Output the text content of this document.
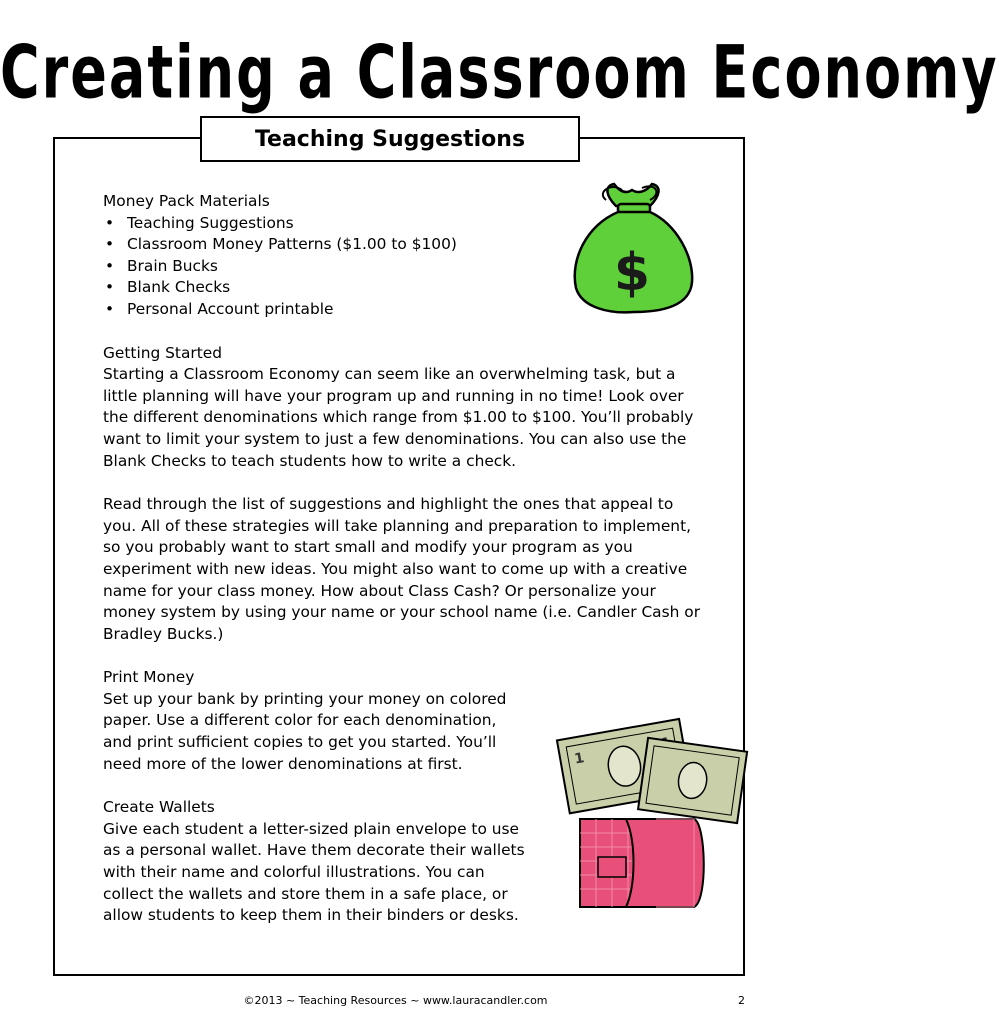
Creating a Classroom Economy
Teaching Suggestions
$

Money Pack Materials

• Teaching Suggestions
• Classroom Money Patterns ($1.00 to $100)
• Brain Bucks
• Blank Checks
• Personal Account printable

Getting Started

Starting a Classroom Economy can seem like an overwhelming task, but a little planning will have your program up and running in no time! Look over the different denominations which range from $1.00 to $100. You’ll probably want to limit your system to just a few denominations. You can also use the Blank Checks to teach students how to write a check.

Read through the list of suggestions and highlight the ones that appeal to you. All of these strategies will take planning and preparation to implement, so you probably want to start small and modify your program as you experiment with new ideas. You might also want to come up with a creative name for your class money. How about Class Cash? Or personalize your money system by using your name or your school name (i.e. Candler Cash or Bradley Bucks.)

Print Money

Set up your bank by printing your money on colored paper. Use a different color for each denomination, and print sufficient copies to get you started. You’ll need more of the lower denominations at first.

Create Wallets

Give each student a letter-sized plain envelope to use as a personal wallet. Have them decorate their wallets with their name and colorful illustrations. You can collect the wallets and store them in a safe place, or allow students to keep them in their binders or desks.

1
©2013 ~ Teaching Resources ~ www.lauracandler.com	2
